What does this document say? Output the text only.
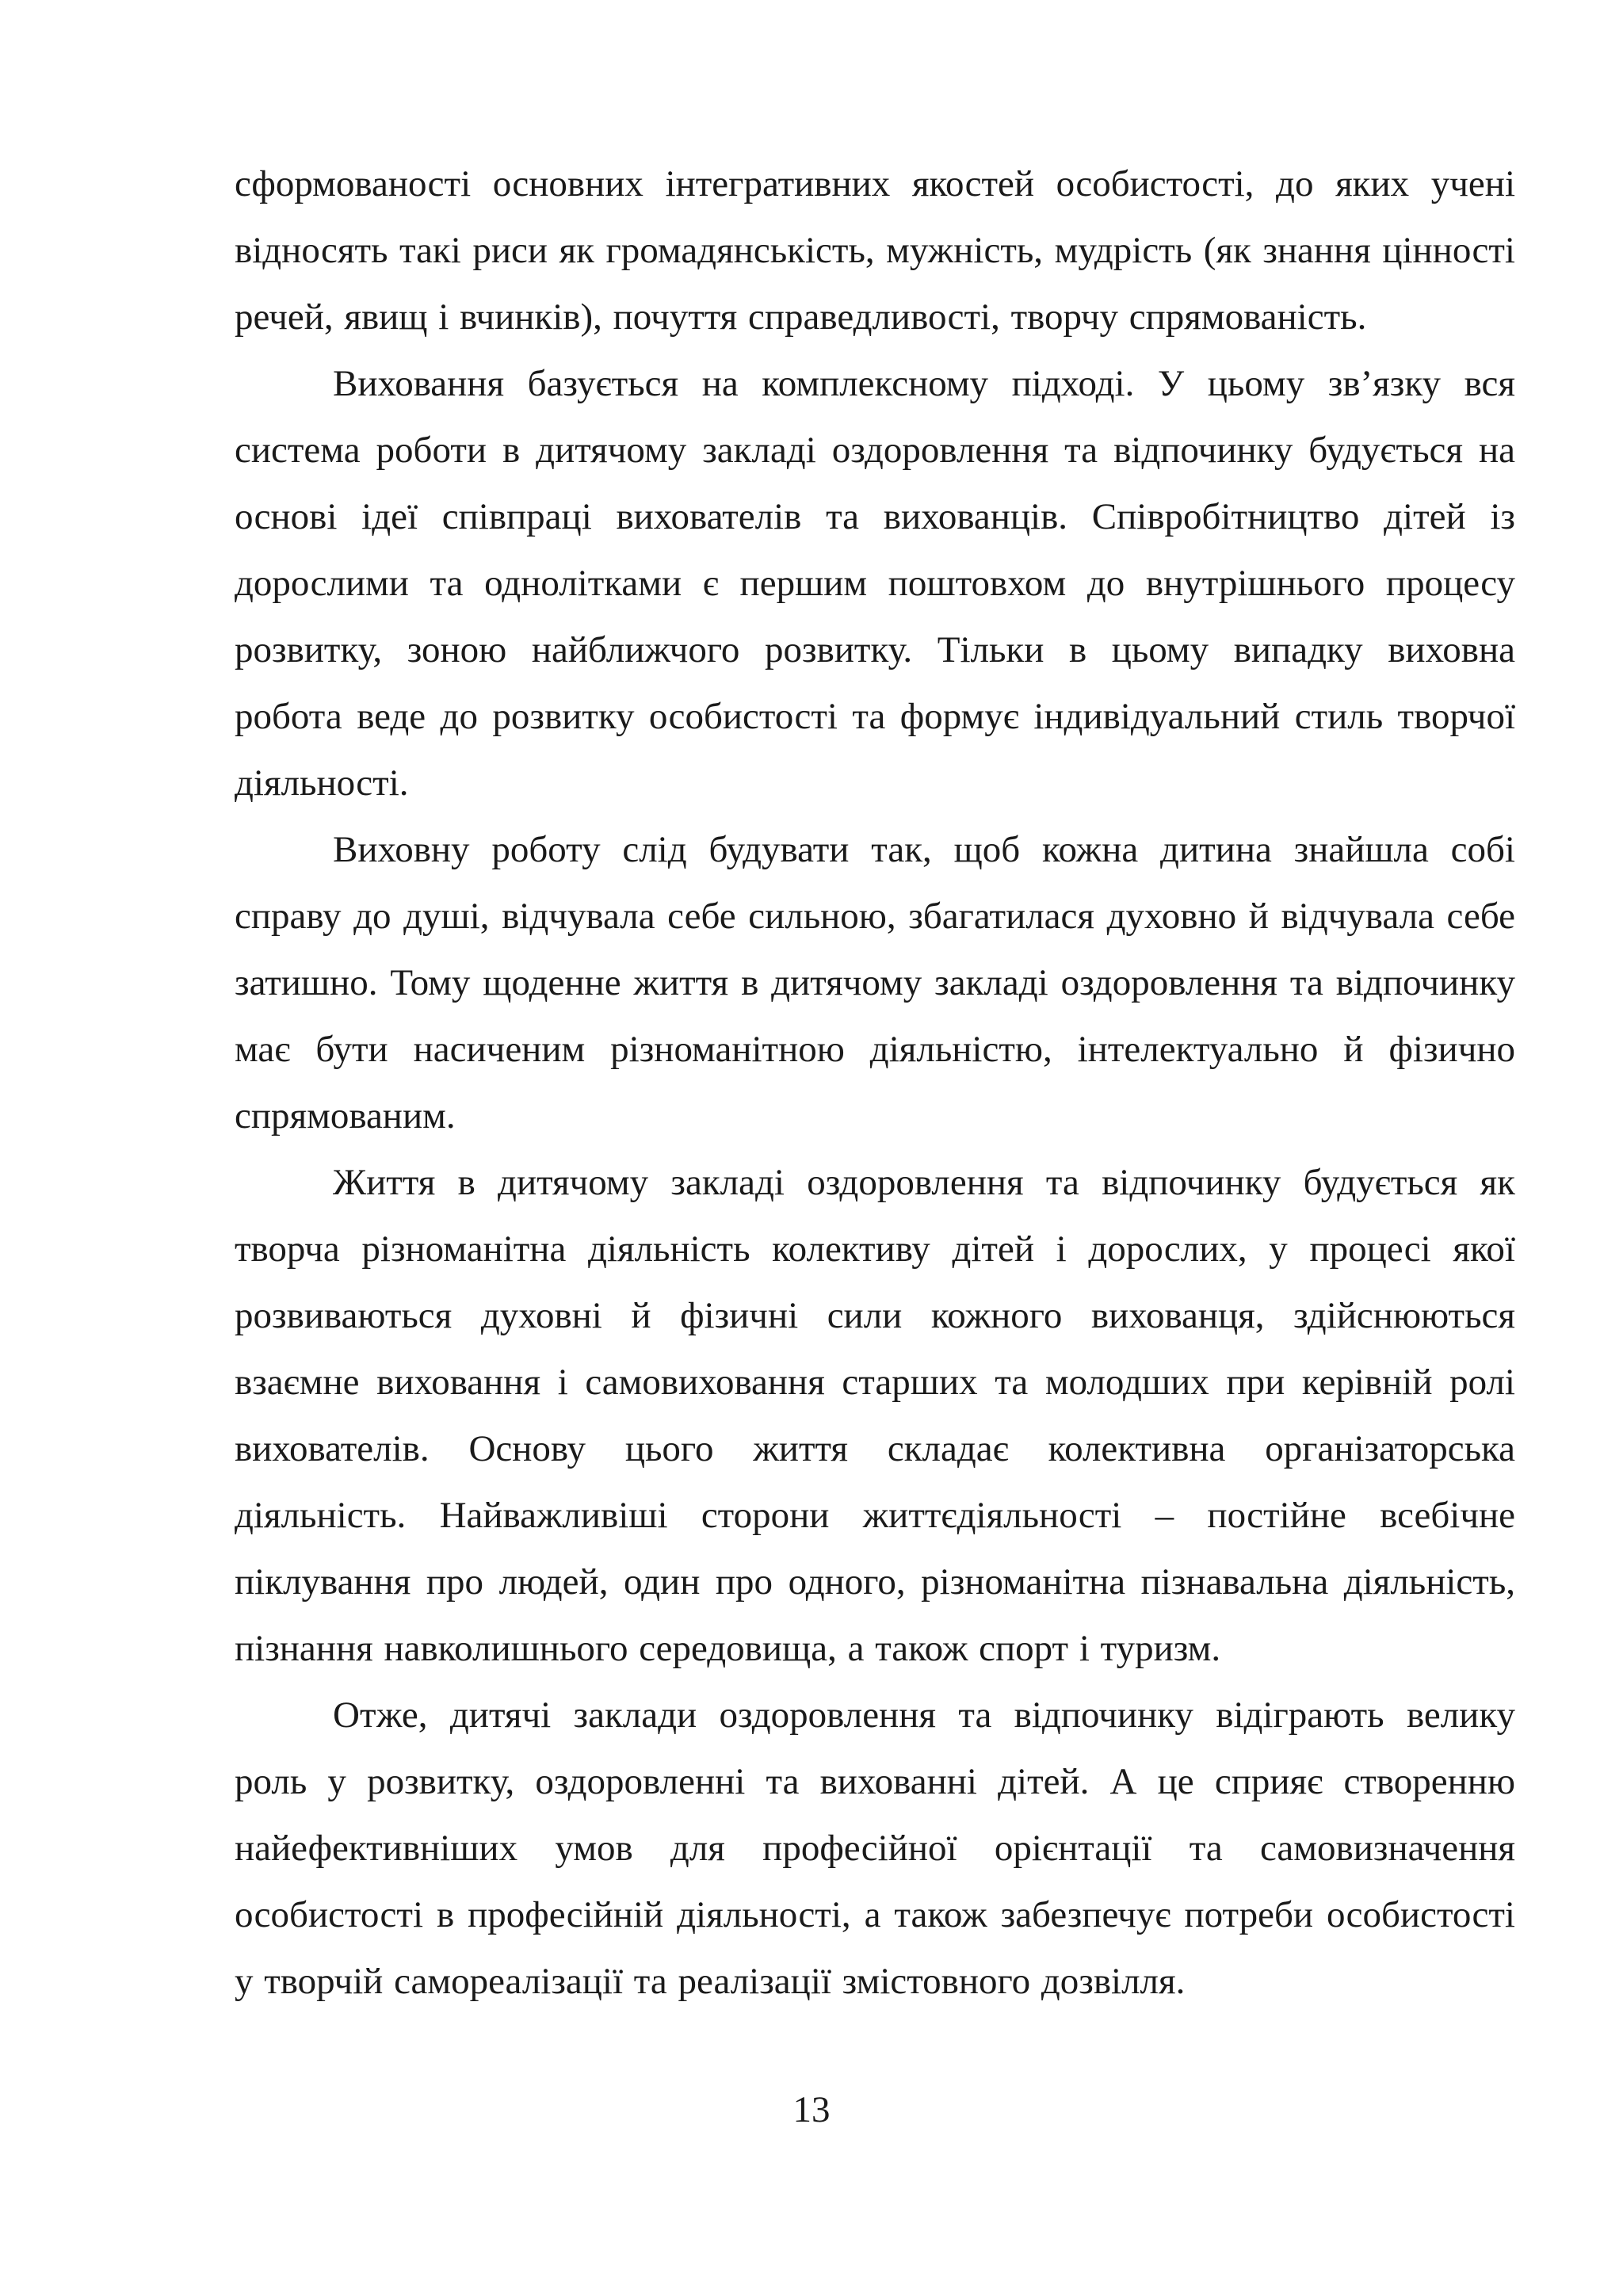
сформованості основних інтегративних якостей особистості, до яких учені відносять такі риси як громадянськість, мужність, мудрість (як знання цінності речей, явищ і вчинків), почуття справедливості, творчу спрямованість.

Виховання базується на комплексному підході. У цьому зв’язку вся система роботи в дитячому закладі оздоровлення та відпочинку будується на основі ідеї співпраці вихователів та вихованців. Співробітництво дітей із дорослими та однолітками є першим поштовхом до внутрішнього процесу розвитку, зоною найближчого розвитку. Тільки в цьому випадку виховна робота веде до розвитку особистості та формує індивідуальний стиль творчої діяльності.

Виховну роботу слід будувати так, щоб кожна дитина знайшла собі справу до душі, відчувала себе сильною, збагатилася духовно й відчувала себе затишно. Тому щоденне життя в дитячому закладі оздоровлення та відпочинку має бути насиченим різноманітною діяльністю, інтелектуально й фізично спрямованим.

Життя в дитячому закладі оздоровлення та відпочинку будується як творча різноманітна діяльність колективу дітей і дорослих, у процесі якої розвиваються духовні й фізичні сили кожного вихованця, здійснюються взаємне виховання і самовиховання старших та молодших при керівній ролі вихователів. Основу цього життя складає колективна організаторська діяльність. Найважливіші сторони життєдіяльності – постійне всебічне піклування про людей, один про одного, різноманітна пізнавальна діяльність, пізнання навколишнього середовища, а також спорт і туризм.

Отже, дитячі заклади оздоровлення та відпочинку відіграють велику роль у розвитку, оздоровленні та вихованні дітей. А це сприяє створенню найефективніших умов для професійної орієнтації та самовизначення особистості в професійній діяльності, а також забезпечує потреби особистості у творчій самореалізації та реалізації змістовного дозвілля.

13
